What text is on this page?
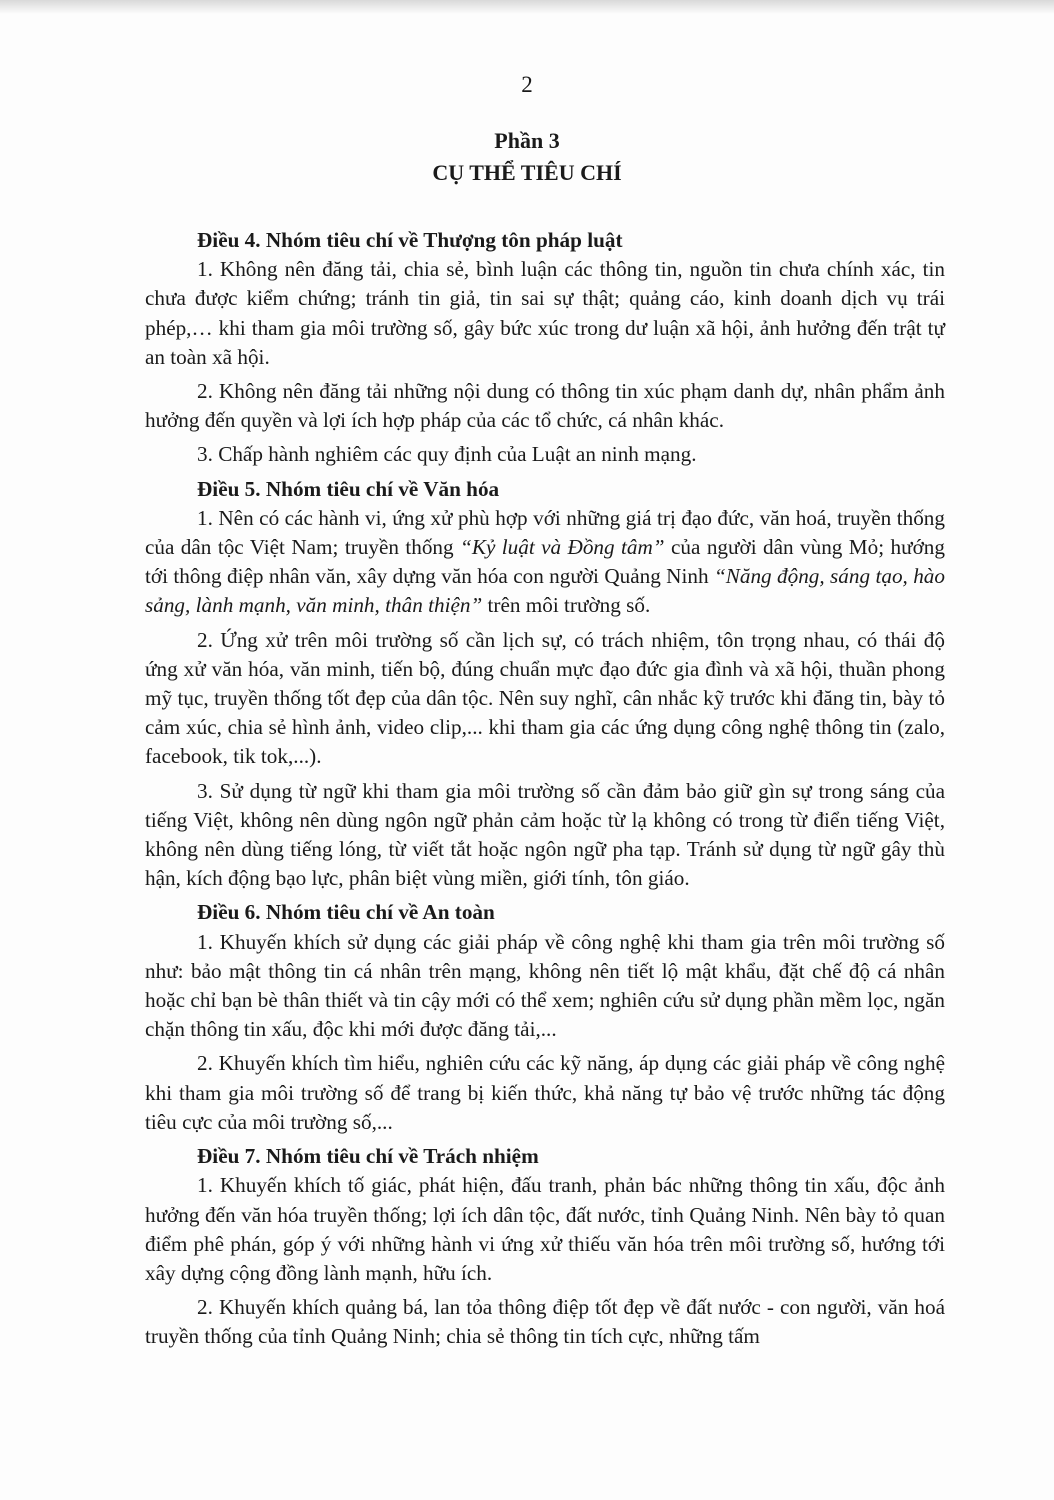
2
Phần 3
CỤ THỂ TIÊU CHÍ

Điều 4. Nhóm tiêu chí về Thượng tôn pháp luật

1. Không nên đăng tải, chia sẻ, bình luận các thông tin, nguồn tin chưa chính xác, tin chưa được kiểm chứng; tránh tin giả, tin sai sự thật; quảng cáo, kinh doanh dịch vụ trái phép,… khi tham gia môi trường số, gây bức xúc trong dư luận xã hội, ảnh hưởng đến trật tự an toàn xã hội.

2. Không nên đăng tải những nội dung có thông tin xúc phạm danh dự, nhân phẩm ảnh hưởng đến quyền và lợi ích hợp pháp của các tổ chức, cá nhân khác.

3. Chấp hành nghiêm các quy định của Luật an ninh mạng.

Điều 5. Nhóm tiêu chí về Văn hóa

1. Nên có các hành vi, ứng xử phù hợp với những giá trị đạo đức, văn hoá, truyền thống của dân tộc Việt Nam; truyền thống “Kỷ luật và Đồng tâm” của người dân vùng Mỏ; hướng tới thông điệp nhân văn, xây dựng văn hóa con người Quảng Ninh “Năng động, sáng tạo, hào sảng, lành mạnh, văn minh, thân thiện” trên môi trường số.

2. Ứng xử trên môi trường số cần lịch sự, có trách nhiệm, tôn trọng nhau, có thái độ ứng xử văn hóa, văn minh, tiến bộ, đúng chuẩn mực đạo đức gia đình và xã hội, thuần phong mỹ tục, truyền thống tốt đẹp của dân tộc. Nên suy nghĩ, cân nhắc kỹ trước khi đăng tin, bày tỏ cảm xúc, chia sẻ hình ảnh, video clip,... khi tham gia các ứng dụng công nghệ thông tin (zalo, facebook, tik tok,...).

3. Sử dụng từ ngữ khi tham gia môi trường số cần đảm bảo giữ gìn sự trong sáng của tiếng Việt, không nên dùng ngôn ngữ phản cảm hoặc từ lạ không có trong từ điển tiếng Việt, không nên dùng tiếng lóng, từ viết tắt hoặc ngôn ngữ pha tạp. Tránh sử dụng từ ngữ gây thù hận, kích động bạo lực, phân biệt vùng miền, giới tính, tôn giáo.

Điều 6. Nhóm tiêu chí về An toàn

1. Khuyến khích sử dụng các giải pháp về công nghệ khi tham gia trên môi trường số như: bảo mật thông tin cá nhân trên mạng, không nên tiết lộ mật khẩu, đặt chế độ cá nhân hoặc chỉ bạn bè thân thiết và tin cậy mới có thể xem; nghiên cứu sử dụng phần mềm lọc, ngăn chặn thông tin xấu, độc khi mới được đăng tải,...

2. Khuyến khích tìm hiểu, nghiên cứu các kỹ năng, áp dụng các giải pháp về công nghệ khi tham gia môi trường số để trang bị kiến thức, khả năng tự bảo vệ trước những tác động tiêu cực của môi trường số,...

Điều 7. Nhóm tiêu chí về Trách nhiệm

1. Khuyến khích tố giác, phát hiện, đấu tranh, phản bác những thông tin xấu, độc ảnh hưởng đến văn hóa truyền thống; lợi ích dân tộc, đất nước, tỉnh Quảng Ninh. Nên bày tỏ quan điểm phê phán, góp ý với những hành vi ứng xử thiếu văn hóa trên môi trường số, hướng tới xây dựng cộng đồng lành mạnh, hữu ích.

2. Khuyến khích quảng bá, lan tỏa thông điệp tốt đẹp về đất nước - con người, văn hoá truyền thống của tỉnh Quảng Ninh; chia sẻ thông tin tích cực, những tấm
